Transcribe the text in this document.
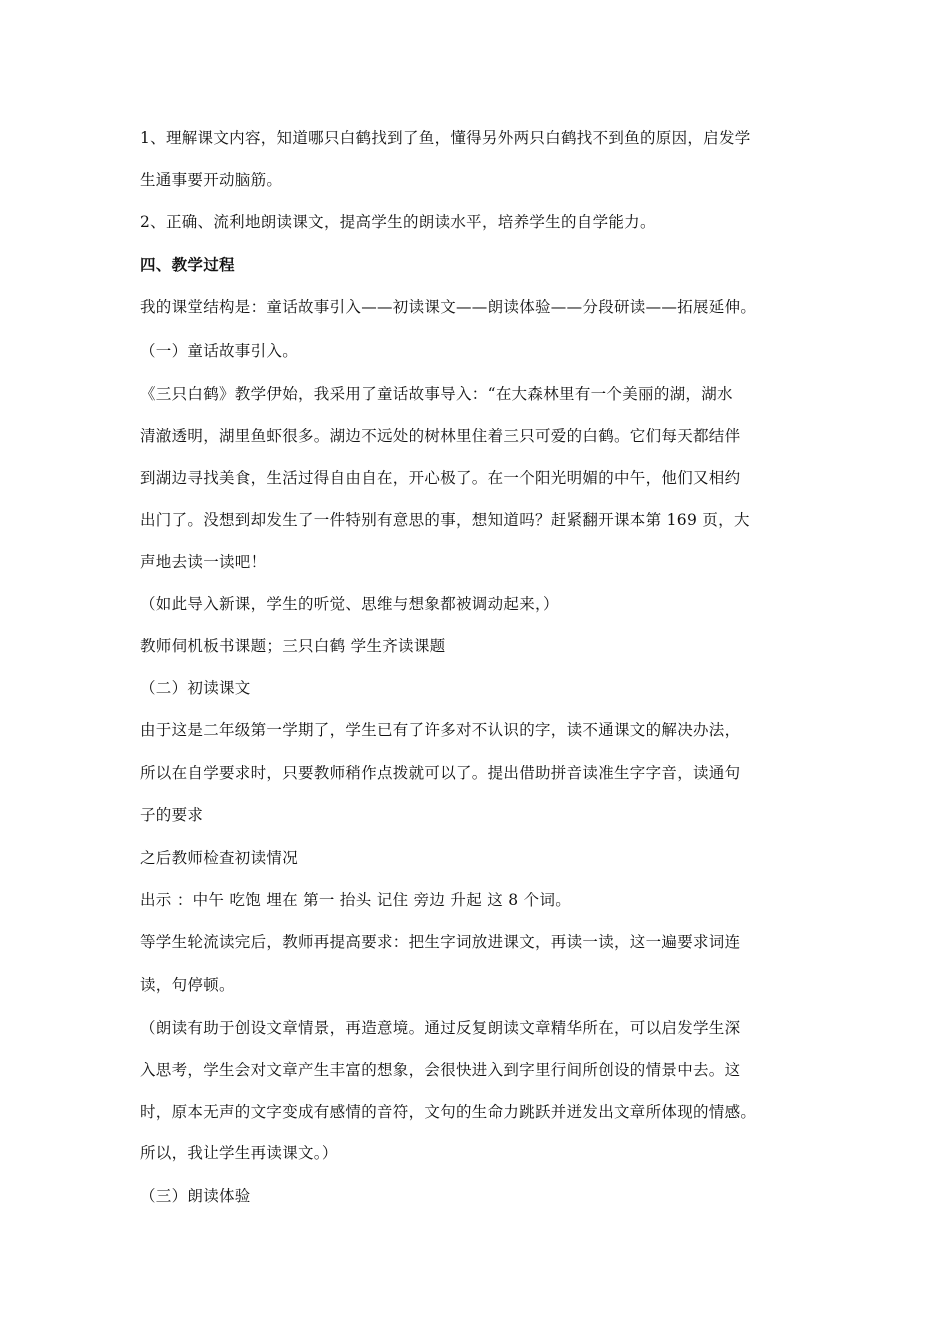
1、理解课文内容，知道哪只白鹤找到了鱼，懂得另外两只白鹤找不到鱼的原因，启发学
生通事要开动脑筋。
2、正确、流利地朗读课文，提高学生的朗读水平，培养学生的自学能力。
四、教学过程
我的课堂结构是：童话故事引入——初读课文——朗读体验——分段研读——拓展延伸。
（一）童话故事引入。
《三只白鹤》教学伊始，我采用了童话故事导入：“在大森林里有一个美丽的湖，湖水
清澈透明，湖里鱼虾很多。湖边不远处的树林里住着三只可爱的白鹤。它们每天都结伴
到湖边寻找美食，生活过得自由自在，开心极了。在一个阳光明媚的中午，他们又相约
出门了。没想到却发生了一件特别有意思的事，想知道吗？赶紧翻开课本第 169 页，大
声地去读一读吧！
（如此导入新课，学生的听觉、思维与想象都被调动起来，）
教师伺机板书课题；三只白鹤 学生齐读课题
（二）初读课文
由于这是二年级第一学期了，学生已有了许多对不认识的字，读不通课文的解决办法，
所以在自学要求时，只要教师稍作点拨就可以了。提出借助拼音读准生字字音，读通句
子的要求
之后教师检查初读情况
出示 ：中午 吃饱 埋在 第一 抬头 记住 旁边 升起 这 8 个词。
等学生轮流读完后，教师再提高要求：把生字词放进课文，再读一读，这一遍要求词连
读，句停顿。
（朗读有助于创设文章情景，再造意境。通过反复朗读文章精华所在，可以启发学生深
入思考，学生会对文章产生丰富的想象，会很快进入到字里行间所创设的情景中去。这
时，原本无声的文字变成有感情的音符，文句的生命力跳跃并迸发出文章所体现的情感。
所以，我让学生再读课文。）
（三）朗读体验
